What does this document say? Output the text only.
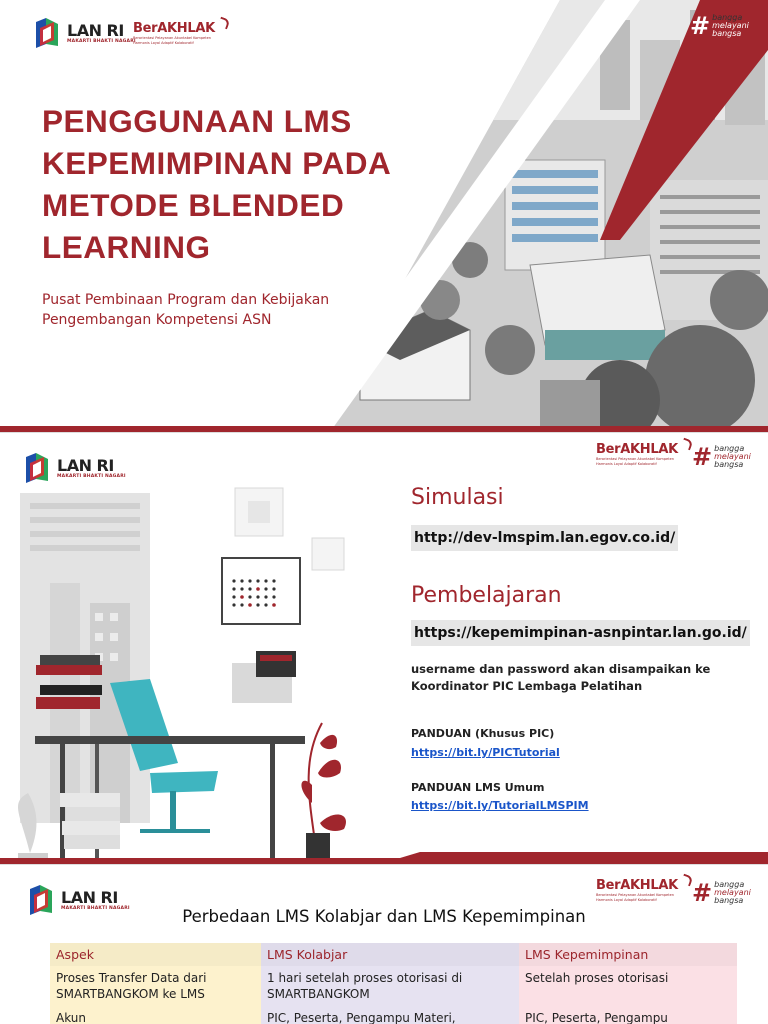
LAN RI
MAKARTI BHAKTI NAGARI
BerAKHLAK
Berorientasi Pelayanan Akuntabel Kompeten Harmonis Loyal Adaptif Kolaboratif
# bangga
melayani
bangsa
PENGGUNAAN LMS
KEPEMIMPINAN PADA
METODE BLENDED
LEARNING
Pusat Pembinaan Program dan Kebijakan
Pengembangan Kompetensi ASN
LAN RI
MAKARTI BHAKTI NAGARI
BerAKHLAK
Berorientasi Pelayanan Akuntabel Kompeten Harmonis Loyal Adaptif Kolaboratif	# bangga
melayani
bangsa
Simulasi
http://dev-lmspim.lan.egov.co.id/
Pembelajaran
https://kepemimpinan-asnpintar.lan.go.id/
username dan password akan disampaikan ke
Koordinator PIC Lembaga Pelatihan
PANDUAN (Khusus PIC)
https://bit.ly/PICTutorial
PANDUAN LMS Umum
https://bit.ly/TutorialLMSPIM
LAN RI
MAKARTI BHAKTI NAGARI
BerAKHLAK
Berorientasi Pelayanan Akuntabel Kompeten Harmonis Loyal Adaptif Kolaboratif	# bangga
melayani
bangsa
Perbedaan LMS Kolabjar dan LMS Kepemimpinan
Aspek	LMS Kolabjar	LMS Kepemimpinan
Proses Transfer Data dari SMARTBANGKOM ke LMS	1 hari setelah proses otorisasi di SMARTBANGKOM	Setelah proses otorisasi
Akun	PIC, Peserta, Pengampu Materi,	PIC, Peserta, Pengampu
